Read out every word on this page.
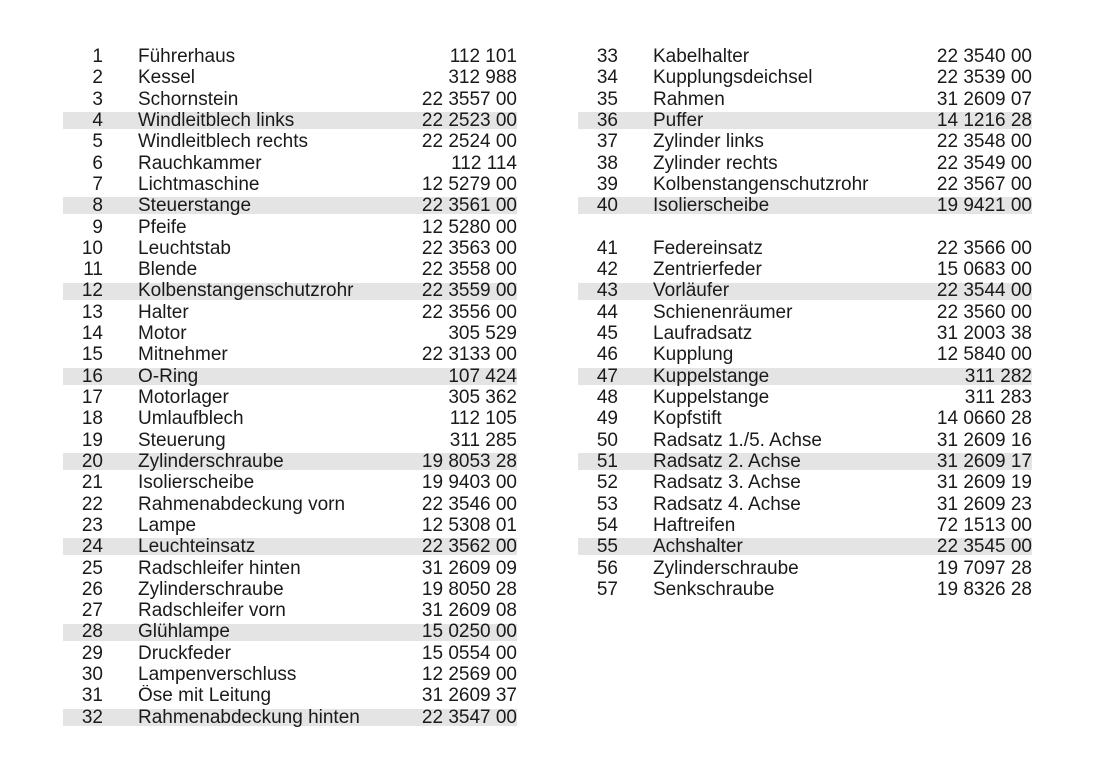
1 Führerhaus	112 101
2 Kessel	312 988
3 Schornstein	22 3557 00
4 Windleitblech links	22 2523 00
5 Windleitblech rechts	22 2524 00
6 Rauchkammer	112 114
7 Lichtmaschine	12 5279 00
8 Steuerstange	22 3561 00
9 Pfeife	12 5280 00
10 Leuchtstab	22 3563 00
11 Blende	22 3558 00
12 Kolbenstangenschutzrohr	22 3559 00
13 Halter	22 3556 00
14 Motor	305 529
15 Mitnehmer	22 3133 00
16 O-Ring	107 424
17 Motorlager	305 362
18 Umlaufblech	112 105
19 Steuerung	311 285
20 Zylinderschraube	19 8053 28
21 Isolierscheibe	19 9403 00
22 Rahmenabdeckung vorn	22 3546 00
23 Lampe	12 5308 01
24 Leuchteinsatz	22 3562 00
25 Radschleifer hinten	31 2609 09
26 Zylinderschraube	19 8050 28
27 Radschleifer vorn	31 2609 08
28 Glühlampe	15 0250 00
29 Druckfeder	15 0554 00
30 Lampenverschluss	12 2569 00
31 Öse mit Leitung	31 2609 37
32 Rahmenabdeckung hinten	22 3547 00
33 Kabelhalter	22 3540 00
34 Kupplungsdeichsel	22 3539 00
35 Rahmen	31 2609 07
36 Puffer	14 1216 28
37 Zylinder links	22 3548 00
38 Zylinder rechts	22 3549 00
39 Kolbenstangenschutzrohr	22 3567 00
40 Isolierscheibe	19 9421 00
41 Federeinsatz	22 3566 00
42 Zentrierfeder	15 0683 00
43 Vorläufer	22 3544 00
44 Schienenräumer	22 3560 00
45 Laufradsatz	31 2003 38
46 Kupplung	12 5840 00
47 Kuppelstange	311 282
48 Kuppelstange	311 283
49 Kopfstift	14 0660 28
50 Radsatz 1./5. Achse	31 2609 16
51 Radsatz 2. Achse	31 2609 17
52 Radsatz 3. Achse	31 2609 19
53 Radsatz 4. Achse	31 2609 23
54 Haftreifen	72 1513 00
55 Achshalter	22 3545 00
56 Zylinderschraube	19 7097 28
57 Senkschraube	19 8326 28
